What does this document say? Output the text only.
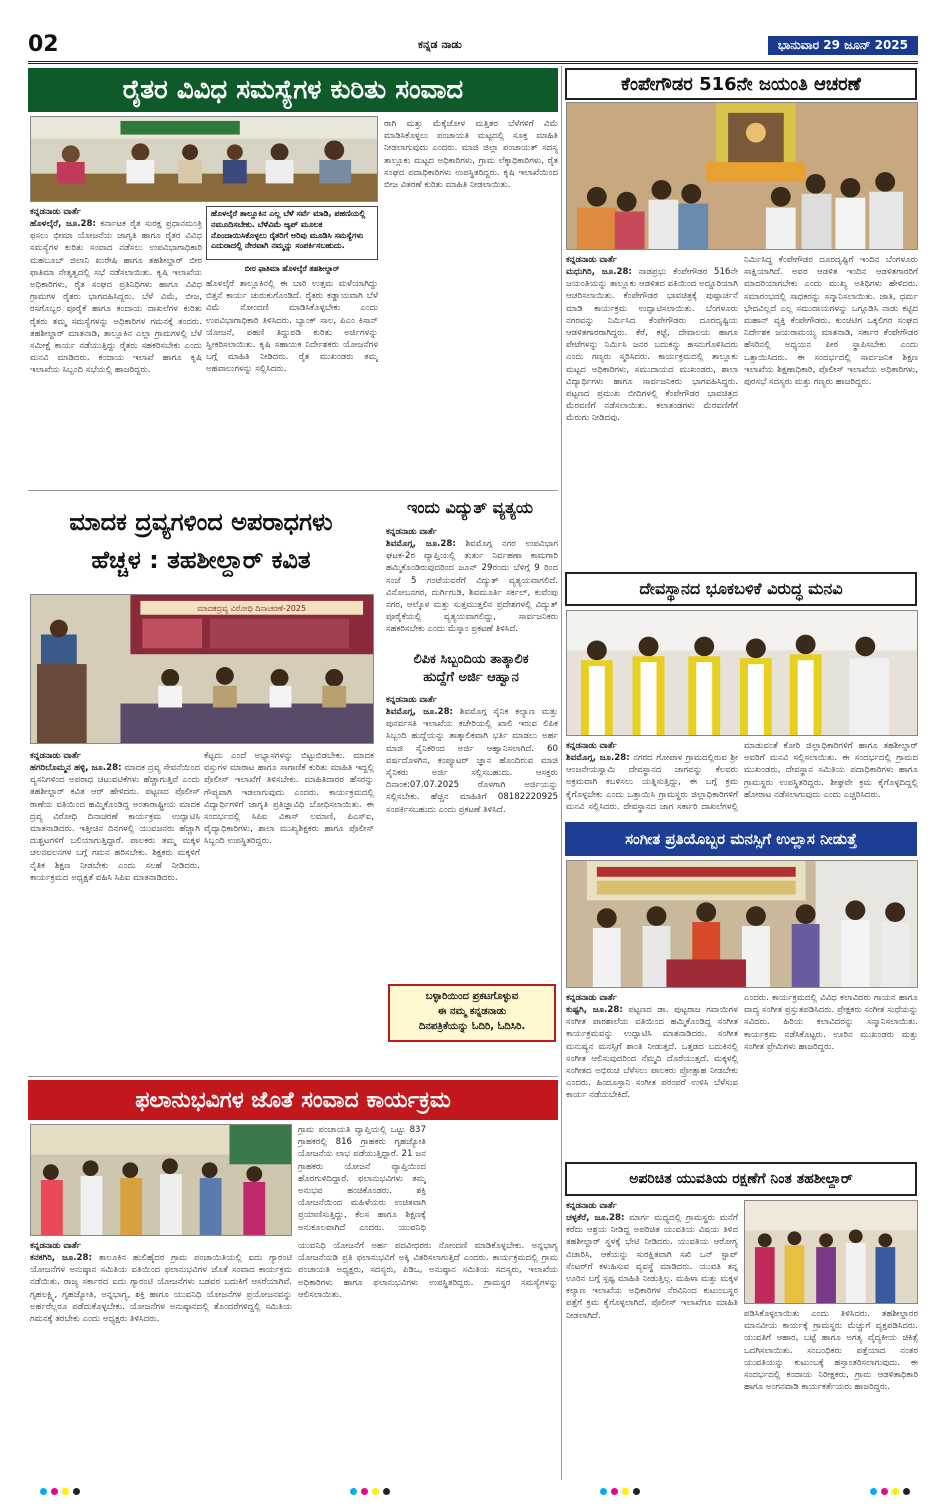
02	ಕನ್ನಡ ನಾಡು	ಭಾನುವಾರ 29 ಜೂನ್ 2025
ರೈತರ ವಿವಿಧ ಸಮಸ್ಯೆಗಳ ಕುರಿತು ಸಂವಾದ
ಕನ್ನಡನಾಡು ವಾರ್ತೆ
ಹೊಳಲ್ಕೆರೆ, ಜೂ.28: ಕರ್ನಾಟಕ ರೈತ ಸುರಕ್ಷ ಪ್ರಧಾನಮಂತ್ರಿ ಫಸಲು ಭೀಮಾ ಯೋಜನೆಯ ಜಾಗೃತಿ ಹಾಗೂ ರೈತರ ವಿವಿಧ ಸಮಸ್ಯೆಗಳ ಕುರಿತು ಸಂವಾದ ನಡೆಸಲು ಉಪವಿಭಾಗಾಧಿಕಾರಿ ಮಹಬೂಬ್ ಜಿಲಾನಿ ಖುರೇಷಿ ಹಾಗೂ ತಹಶೀಲ್ದಾರ್ ಬೀರ ಫಾತಿಮಾ ನೇತೃತ್ವದಲ್ಲಿ ಸಭೆ ನಡೆಸಲಾಯಿತು. ಕೃಷಿ ಇಲಾಖೆಯ ಅಧಿಕಾರಿಗಳು, ರೈತ ಸಂಘದ ಪ್ರತಿನಿಧಿಗಳು ಹಾಗೂ ವಿವಿಧ ಗ್ರಾಮಗಳ ರೈತರು ಭಾಗವಹಿಸಿದ್ದರು. ಬೆಳೆ ವಿಮೆ, ಬೀಜ, ರಸಗೊಬ್ಬರ ಪೂರೈಕೆ ಹಾಗೂ ಕಂದಾಯ ದಾಖಲೆಗಳ ಕುರಿತು ರೈತರು ತಮ್ಮ ಸಮಸ್ಯೆಗಳನ್ನು ಅಧಿಕಾರಿಗಳ ಗಮನಕ್ಕೆ ತಂದರು. ತಹಶೀಲ್ದಾರ್ ಮಾತನಾಡಿ, ತಾಲ್ಲೂಕಿನ ಎಲ್ಲಾ ಗ್ರಾಮಗಳಲ್ಲಿ ಬೆಳೆ ಸಮೀಕ್ಷೆ ಕಾರ್ಯ ನಡೆಯುತ್ತಿದ್ದು ರೈತರು ಸಹಕರಿಸಬೇಕು ಎಂದು ಮನವಿ ಮಾಡಿದರು. ಕಂದಾಯ ಇಲಾಖೆ ಹಾಗೂ ಕೃಷಿ ಇಲಾಖೆಯ ಸಿಬ್ಬಂದಿ ಸಭೆಯಲ್ಲಿ ಹಾಜರಿದ್ದರು.
ಹೊಳಲ್ಕೆರೆ ತಾಲ್ಲೂಕಿನ ಎಲ್ಲ ಬೆಳೆ ಸರ್ವೆ ಮಾಡಿ, ಪಹಣಿಯಲ್ಲಿ ನಮೂದಿಸಬೇಕು. ಬೆಳೆವಿಮೆ ಆ್ಯಪ್ ಮೂಲಕ ನೊಂದಾಯಿಸಿಕೊಳ್ಳಲು ರೈತರಿಗೆ ಅರಿವು ಮೂಡಿಸಿ ಸಮಸ್ಯೆಗಳು ಎದುರಾದಲ್ಲಿ ನೇರವಾಗಿ ನಮ್ಮನ್ನು ಸಂಪರ್ಕಿಸಬಹುದು.
ಬೀರ ಫಾತಿಮಾ ಹೊಳಲ್ಕೆರೆ ತಹಶೀಲ್ದಾರ್
ಹೊಳಲ್ಕೆರೆ ತಾಲ್ಲೂಕಿನಲ್ಲಿ ಈ ಬಾರಿ ಉತ್ತಮ ಮಳೆಯಾಗಿದ್ದು ಬಿತ್ತನೆ ಕಾರ್ಯ ಚುರುಕುಗೊಂಡಿದೆ. ರೈತರು ಕಡ್ಡಾಯವಾಗಿ ಬೆಳೆ ವಿಮೆ ನೋಂದಣಿ ಮಾಡಿಸಿಕೊಳ್ಳಬೇಕು ಎಂದು ಉಪವಿಭಾಗಾಧಿಕಾರಿ ತಿಳಿಸಿದರು. ಬ್ಯಾಂಕ್ ಸಾಲ, ಪಿಎಂ ಕಿಸಾನ್ ಯೋಜನೆ, ಪಹಣಿ ತಿದ್ದುಪಡಿ ಕುರಿತು ಅರ್ಜಿಗಳನ್ನು ಸ್ವೀಕರಿಸಲಾಯಿತು. ಕೃಷಿ ಸಹಾಯಕ ನಿರ್ದೇಶಕರು ಯೋಜನೆಗಳ ಬಗ್ಗೆ ಮಾಹಿತಿ ನೀಡಿದರು. ರೈತ ಮುಖಂಡರು ತಮ್ಮ ಅಹವಾಲುಗಳನ್ನು ಸಲ್ಲಿಸಿದರು.
ರಾಗಿ ಮತ್ತು ಮೆಕ್ಕೆಜೋಳ ಮತ್ತಿತರ ಬೆಳೆಗಳಿಗೆ ವಿಮೆ ಮಾಡಿಸಿಕೊಳ್ಳಲು ಪಂಚಾಯತಿ ಮಟ್ಟದಲ್ಲಿ ಸೂಕ್ತ ಮಾಹಿತಿ ನೀಡಲಾಗುವುದು ಎಂದರು. ಮಾಜಿ ಜಿಲ್ಲಾ ಪಂಚಾಯತ್ ಸದಸ್ಯ ತಾಲ್ಲೂಕು ಮಟ್ಟದ ಅಧಿಕಾರಿಗಳು, ಗ್ರಾಮ ಲೆಕ್ಕಾಧಿಕಾರಿಗಳು, ರೈತ ಸಂಘದ ಪದಾಧಿಕಾರಿಗಳು ಉಪಸ್ಥಿತರಿದ್ದರು. ಕೃಷಿ ಇಲಾಖೆಯಿಂದ ಬೀಜ ವಿತರಣೆ ಕುರಿತು ಮಾಹಿತಿ ನೀಡಲಾಯಿತು.
ಕೆಂಪೇಗೌಡರ 516ನೇ ಜಯಂತಿ ಆಚರಣೆ
ಕನ್ನಡನಾಡು ವಾರ್ತೆ
ಮಧುಗಿರಿ, ಜೂ.28: ನಾಡಪ್ರಭು ಕೆಂಪೇಗೌಡರ 516ನೇ ಜಯಂತಿಯನ್ನು ತಾಲ್ಲೂಕು ಆಡಳಿತದ ವತಿಯಿಂದ ಅದ್ದೂರಿಯಾಗಿ ಆಚರಿಸಲಾಯಿತು. ಕೆಂಪೇಗೌಡರ ಭಾವಚಿತ್ರಕ್ಕೆ ಪುಷ್ಪಾರ್ಚನೆ ಮಾಡಿ ಕಾರ್ಯಕ್ರಮ ಉದ್ಘಾಟಿಸಲಾಯಿತು. ಬೆಂಗಳೂರು ನಗರವನ್ನು ನಿರ್ಮಿಸಿದ ಕೆಂಪೇಗೌಡರು ದೂರದೃಷ್ಟಿಯ ಆಡಳಿತಗಾರರಾಗಿದ್ದರು. ಕೆರೆ, ಕಟ್ಟೆ, ದೇವಾಲಯ ಹಾಗೂ ಪೇಟೆಗಳನ್ನು ನಿರ್ಮಿಸಿ ಜನರ ಬದುಕನ್ನು ಹಸನುಗೊಳಿಸಿದರು ಎಂದು ಗಣ್ಯರು ಸ್ಮರಿಸಿದರು. ಕಾರ್ಯಕ್ರಮದಲ್ಲಿ ತಾಲ್ಲೂಕು ಮಟ್ಟದ ಅಧಿಕಾರಿಗಳು, ಸಮುದಾಯದ ಮುಖಂಡರು, ಶಾಲಾ ವಿದ್ಯಾರ್ಥಿಗಳು ಹಾಗೂ ಸಾರ್ವಜನಿಕರು ಭಾಗವಹಿಸಿದ್ದರು. ಪಟ್ಟಣದ ಪ್ರಮುಖ ಬೀದಿಗಳಲ್ಲಿ ಕೆಂಪೇಗೌಡರ ಭಾವಚಿತ್ರದ ಮೆರವಣಿಗೆ ನಡೆಸಲಾಯಿತು. ಕಲಾತಂಡಗಳು ಮೆರವಣಿಗೆಗೆ ಮೆರುಗು ನೀಡಿದವು.
ನಿರ್ಮಿಸಿದ್ದ ಕೆಂಪೇಗೌಡರ ದೂರದೃಷ್ಟಿಗೆ ಇಂದಿನ ಬೆಂಗಳೂರು ಸಾಕ್ಷಿಯಾಗಿದೆ. ಅವರ ಆಡಳಿತ ಇಂದಿನ ಆಡಳಿತಗಾರರಿಗೆ ಮಾದರಿಯಾಗಬೇಕು ಎಂದು ಮುಖ್ಯ ಅತಿಥಿಗಳು ಹೇಳಿದರು. ಸಮಾರಂಭದಲ್ಲಿ ಸಾಧಕರನ್ನು ಸನ್ಮಾನಿಸಲಾಯಿತು. ಜಾತಿ, ಧರ್ಮ ಭೇದವಿಲ್ಲದೆ ಎಲ್ಲ ಸಮುದಾಯಗಳನ್ನು ಒಗ್ಗೂಡಿಸಿ ನಾಡು ಕಟ್ಟಿದ ಮಹಾನ್ ವ್ಯಕ್ತಿ ಕೆಂಪೇಗೌಡರು. ಕುಂಚಿಟಿಗ ಒಕ್ಕಲಿಗರ ಸಂಘದ ನಿರ್ದೇಶಕ ಜಯರಾಮಯ್ಯ ಮಾತನಾಡಿ, ಸರ್ಕಾರ ಕೆಂಪೇಗೌಡರ ಹೆಸರಿನಲ್ಲಿ ಅಧ್ಯಯನ ಪೀಠ ಸ್ಥಾಪಿಸಬೇಕು ಎಂದು ಒತ್ತಾಯಿಸಿದರು. ಈ ಸಂದರ್ಭದಲ್ಲಿ ಸಾರ್ವಜನಿಕ ಶಿಕ್ಷಣ ಇಲಾಖೆಯ ಶಿಕ್ಷಣಾಧಿಕಾರಿ, ಪೊಲೀಸ್ ಇಲಾಖೆಯ ಅಧಿಕಾರಿಗಳು, ಪುರಸಭೆ ಸದಸ್ಯರು ಮತ್ತು ಗಣ್ಯರು ಹಾಜರಿದ್ದರು.
ಮಾದಕ ದ್ರವ್ಯಗಳಿಂದ ಅಪರಾಧಗಳು
ಹೆಚ್ಚಳ : ತಹಶೀಲ್ದಾರ್ ಕವಿತ
ಮಾದಕದ್ರವ್ಯ ವಿರೋಧಿ ದಿನಾಚರಣೆ-2025
ಕನ್ನಡನಾಡು ವಾರ್ತೆ
ಹಗರಿಬೊಮ್ಮನ ಹಳ್ಳಿ, ಜೂ.28: ಮಾದಕ ದ್ರವ್ಯ ಸೇವನೆಯಿಂದ ವ್ಯಸನಿಗಳಿಂದ ಅಪರಾಧ ಚಟುವಟಿಕೆಗಳು ಹೆಚ್ಚಾಗುತ್ತಿವೆ ಎಂದು ತಹಶೀಲ್ದಾರ್ ಕವಿತ ಆರ್ ಹೇಳಿದರು. ಪಟ್ಟಣದ ಪೊಲೀಸ್ ಠಾಣೆಯ ವತಿಯಿಂದ ಹಮ್ಮಿಕೊಂಡಿದ್ದ ಅಂತಾರಾಷ್ಟ್ರೀಯ ಮಾದಕ ದ್ರವ್ಯ ವಿರೋಧಿ ದಿನಾಚರಣೆ ಕಾರ್ಯಕ್ರಮ ಉದ್ಘಾಟಿಸಿ ಮಾತನಾಡಿದರು. ಇತ್ತೀಚಿನ ದಿನಗಳಲ್ಲಿ ಯುವಜನರು ಹೆಚ್ಚಾಗಿ ದುಶ್ಚಟಗಳಿಗೆ ಬಲಿಯಾಗುತ್ತಿದ್ದಾರೆ. ಪಾಲಕರು ತಮ್ಮ ಮಕ್ಕಳ ಚಲನವಲನಗಳ ಬಗ್ಗೆ ಗಮನ ಹರಿಸಬೇಕು. ಶಿಕ್ಷಕರು ಮಕ್ಕಳಿಗೆ ನೈತಿಕ ಶಿಕ್ಷಣ ನೀಡಬೇಕು ಎಂದು ಸಲಹೆ ನೀಡಿದರು. ಕಾರ್ಯಕ್ರಮದ ಅಧ್ಯಕ್ಷತೆ ವಹಿಸಿ ಸಿಪಿಐ ಮಾತನಾಡಿದರು.
ಕೆಟ್ಟದು ಎಂದೆ ಅಭ್ಯಾಸಗಳನ್ನು ಬಿಟ್ಟುಬಿಡಬೇಕು. ಮಾದಕ ವಸ್ತುಗಳ ಮಾರಾಟ ಹಾಗೂ ಸಾಗಾಣಿಕೆ ಕುರಿತು ಮಾಹಿತಿ ಇದ್ದಲ್ಲಿ ಪೊಲೀಸ್ ಇಲಾಖೆಗೆ ತಿಳಿಸಬೇಕು. ಮಾಹಿತಿದಾರರ ಹೆಸರನ್ನು ಗೌಪ್ಯವಾಗಿ ಇಡಲಾಗುವುದು ಎಂದರು. ಕಾರ್ಯಕ್ರಮದಲ್ಲಿ ವಿದ್ಯಾರ್ಥಿಗಳಿಗೆ ಜಾಗೃತಿ ಪ್ರತಿಜ್ಞಾವಿಧಿ ಬೋಧಿಸಲಾಯಿತು. ಈ ಸಂದರ್ಭದಲ್ಲಿ ಸಿಪಿಐ ವಿಕಾಸ್ ಲಮಾಣಿ, ಪಿಎಸ್ಐ, ವೈದ್ಯಾಧಿಕಾರಿಗಳು, ಶಾಲಾ ಮುಖ್ಯಶಿಕ್ಷಕರು ಹಾಗೂ ಪೊಲೀಸ್ ಸಿಬ್ಬಂದಿ ಉಪಸ್ಥಿತರಿದ್ದರು.
ಇಂದು ವಿದ್ಯುತ್ ವ್ಯತ್ಯಯ
ಕನ್ನಡನಾಡು ವಾರ್ತೆ
ಶಿವಮೊಗ್ಗ, ಜೂ.28: ಶಿವಮೊಗ್ಗ ನಗರ ಉಪವಿಭಾಗ ಘಟಕ-2ರ ವ್ಯಾಪ್ತಿಯಲ್ಲಿ ತುರ್ತು ನಿರ್ವಹಣಾ ಕಾಮಗಾರಿ ಹಮ್ಮಿಕೊಂಡಿರುವುದರಿಂದ ಜೂನ್ 29ರಂದು ಬೆಳಿಗ್ಗೆ 9 ರಿಂದ ಸಂಜೆ 5 ಗಂಟೆಯವರೆಗೆ ವಿದ್ಯುತ್ ವ್ಯತ್ಯಯವಾಗಲಿದೆ. ವಿನೋಬನಗರ, ದುರ್ಗಿಗುಡಿ, ಶಿವಮೂರ್ತಿ ಸರ್ಕಲ್, ಕುವೆಂಪು ನಗರ, ಆಲ್ಕೊಳ ಮತ್ತು ಸುತ್ತಮುತ್ತಲಿನ ಪ್ರದೇಶಗಳಲ್ಲಿ ವಿದ್ಯುತ್ ಪೂರೈಕೆಯಲ್ಲಿ ವ್ಯತ್ಯಯವಾಗಲಿದ್ದು, ಸಾರ್ವಜನಿಕರು ಸಹಕರಿಸಬೇಕು ಎಂದು ಮೆಸ್ಕಾಂ ಪ್ರಕಟಣೆ ತಿಳಿಸಿದೆ.
ಲಿಪಿಕ ಸಿಬ್ಬಂದಿಯ ತಾತ್ಕಾಲಿಕ
ಹುದ್ದೆಗೆ ಅರ್ಜಿ ಆಹ್ವಾನ
ಕನ್ನಡನಾಡು ವಾರ್ತೆ
ಶಿವಮೊಗ್ಗ, ಜೂ.28: ಶಿವಮೊಗ್ಗ ಸೈನಿಕ ಕಲ್ಯಾಣ ಮತ್ತು ಪುನರ್ವಸತಿ ಇಲಾಖೆಯ ಕಚೇರಿಯಲ್ಲಿ ಖಾಲಿ ಇರುವ ಲಿಪಿಕ ಸಿಬ್ಬಂದಿ ಹುದ್ದೆಯನ್ನು ತಾತ್ಕಾಲಿಕವಾಗಿ ಭರ್ತಿ ಮಾಡಲು ಅರ್ಹ ಮಾಜಿ ಸೈನಿಕರಿಂದ ಅರ್ಜಿ ಆಹ್ವಾನಿಸಲಾಗಿದೆ. 60 ವರ್ಷದೊಳಗಿನ, ಕಂಪ್ಯೂಟರ್ ಜ್ಞಾನ ಹೊಂದಿರುವ ಮಾಜಿ ಸೈನಿಕರು ಅರ್ಜಿ ಸಲ್ಲಿಸಬಹುದು. ಆಸಕ್ತರು ದಿನಾಂಕ:07.07.2025 ರೊಳಗಾಗಿ ಅರ್ಜಿಯನ್ನು ಸಲ್ಲಿಸಬೇಕು. ಹೆಚ್ಚಿನ ಮಾಹಿತಿಗೆ 08182220925 ಸಂಪರ್ಕಿಸಬಹುದು ಎಂದು ಪ್ರಕಟಣೆ ತಿಳಿಸಿದೆ.
ಬಳ್ಳಾರಿಯಿಂದ ಪ್ರಕಟಗೊಳ್ಳುವ
ಈ ನಮ್ಮ ಕನ್ನಡನಾಡು
ದಿನಪತ್ರಿಕೆಯನ್ನು ಓದಿರಿ, ಓದಿಸಿರಿ.
ದೇವಸ್ಥಾನದ ಭೂಕಬಳಿಕೆ ವಿರುದ್ಧ ಮನವಿ
ಕನ್ನಡನಾಡು ವಾರ್ತೆ
ಶಿವಮೊಗ್ಗ, ಜೂ.28: ನಗರದ ಗೋಪಾಳ ಗ್ರಾಮದಲ್ಲಿರುವ ಶ್ರೀ ಆಂಜನೇಯಸ್ವಾಮಿ ದೇವಸ್ಥಾನದ ಜಾಗವನ್ನು ಕೆಲವರು ಅಕ್ರಮವಾಗಿ ಕಬಳಿಸಲು ಯತ್ನಿಸುತ್ತಿದ್ದು, ಈ ಬಗ್ಗೆ ಕ್ರಮ ಕೈಗೊಳ್ಳಬೇಕು ಎಂದು ಒತ್ತಾಯಿಸಿ ಗ್ರಾಮಸ್ಥರು ಜಿಲ್ಲಾಧಿಕಾರಿಗಳಿಗೆ ಮನವಿ ಸಲ್ಲಿಸಿದರು. ದೇವಸ್ಥಾನದ ಜಾಗ ಸರ್ಕಾರಿ ದಾಖಲೆಗಳಲ್ಲಿ
ಮಾಡುವಂತೆ ಕೋರಿ ಜಿಲ್ಲಾಧಿಕಾರಿಗಳಿಗೆ ಹಾಗೂ ತಹಶೀಲ್ದಾರ್ ಅವರಿಗೆ ಮನವಿ ಸಲ್ಲಿಸಲಾಯಿತು. ಈ ಸಂದರ್ಭದಲ್ಲಿ ಗ್ರಾಮದ ಮುಖಂಡರು, ದೇವಸ್ಥಾನ ಸಮಿತಿಯ ಪದಾಧಿಕಾರಿಗಳು ಹಾಗೂ ಗ್ರಾಮಸ್ಥರು ಉಪಸ್ಥಿತರಿದ್ದರು. ಶೀಘ್ರವೇ ಕ್ರಮ ಕೈಗೊಳ್ಳದಿದ್ದಲ್ಲಿ ಹೋರಾಟ ನಡೆಸಲಾಗುವುದು ಎಂದು ಎಚ್ಚರಿಸಿದರು.
ಸಂಗೀತ ಪ್ರತಿಯೊಬ್ಬರ ಮನಸ್ಸಿಗೆ ಉಲ್ಲಾಸ ನೀಡುತ್ತೆ
ಕನ್ನಡನಾಡು ವಾರ್ತೆ
ಕುಷ್ಟಗಿ, ಜೂ.28: ಪಟ್ಟಣದ ಡಾ. ಪುಟ್ಟರಾಜ ಗವಾಯಿಗಳ ಸಂಗೀತ ಪಾಠಶಾಲೆಯ ವತಿಯಿಂದ ಹಮ್ಮಿಕೊಂಡಿದ್ದ ಸಂಗೀತ ಕಾರ್ಯಕ್ರಮವನ್ನು ಉದ್ಘಾಟಿಸಿ ಮಾತನಾಡಿದರು. ಸಂಗೀತ ಮನುಷ್ಯನ ಮನಸ್ಸಿಗೆ ಶಾಂತಿ ನೀಡುತ್ತದೆ. ಒತ್ತಡದ ಬದುಕಿನಲ್ಲಿ ಸಂಗೀತ ಆಲಿಸುವುದರಿಂದ ನೆಮ್ಮದಿ ದೊರೆಯುತ್ತದೆ. ಮಕ್ಕಳಲ್ಲಿ ಸಂಗೀತದ ಅಭಿರುಚಿ ಬೆಳೆಸಲು ಪಾಲಕರು ಪ್ರೋತ್ಸಾಹ ನೀಡಬೇಕು ಎಂದರು. ಹಿಂದೂಸ್ತಾನಿ ಸಂಗೀತ ಪರಂಪರೆ ಉಳಿಸಿ ಬೆಳೆಸುವ ಕಾರ್ಯ ನಡೆಯಬೇಕಿದೆ.
ಎಂದರು. ಕಾರ್ಯಕ್ರಮದಲ್ಲಿ ವಿವಿಧ ಕಲಾವಿದರು ಗಾಯನ ಹಾಗೂ ವಾದ್ಯ ಸಂಗೀತ ಪ್ರಸ್ತುತಪಡಿಸಿದರು. ಪ್ರೇಕ್ಷಕರು ಸಂಗೀತ ಸುಧೆಯನ್ನು ಸವಿದರು. ಹಿರಿಯ ಕಲಾವಿದರನ್ನು ಸನ್ಮಾನಿಸಲಾಯಿತು. ಕಾರ್ಯಕ್ರಮ ನಡೆಸಿಕೊಟ್ಟರು. ಊರಿನ ಮುಖಂಡರು ಮತ್ತು ಸಂಗೀತ ಪ್ರೇಮಿಗಳು ಹಾಜರಿದ್ದರು.
ಫಲಾನುಭವಿಗಳ ಜೊತೆ ಸಂವಾದ ಕಾರ್ಯಕ್ರಮ
ಗ್ರಾಮ ಪಂಚಾಯತಿ ವ್ಯಾಪ್ತಿಯಲ್ಲಿ ಒಟ್ಟು 837 ಗ್ರಾಹಕರಲ್ಲಿ 816 ಗ್ರಾಹಕರು ಗೃಹಜ್ಯೋತಿ ಯೋಜನೆಯ ಲಾಭ ಪಡೆಯುತ್ತಿದ್ದಾರೆ. 21 ಜನ ಗ್ರಾಹಕರು ಯೋಜನೆ ವ್ಯಾಪ್ತಿಯಿಂದ ಹೊರಗುಳಿದಿದ್ದಾರೆ. ಫಲಾನುಭವಿಗಳು ತಮ್ಮ ಅನುಭವ ಹಂಚಿಕೊಂಡರು. ಶಕ್ತಿ ಯೋಜನೆಯಿಂದ ಮಹಿಳೆಯರು ಉಚಿತವಾಗಿ ಪ್ರಯಾಣಿಸುತ್ತಿದ್ದು, ಕೆಲಸ ಹಾಗೂ ಶಿಕ್ಷಣಕ್ಕೆ ಅನುಕೂಲವಾಗಿದೆ ಎಂದರು. ಯುವನಿಧಿ
ಕನ್ನಡನಾಡು ವಾರ್ತೆ
ಕನಕಗಿರಿ, ಜೂ.28: ತಾಲೂಕಿನ ಹುಲಿಹೈದರ ಗ್ರಾಮ ಪಂಚಾಯಿತಿಯಲ್ಲಿ ಐದು ಗ್ಯಾರಂಟಿ ಯೋಜನೆಗಳ ಅನುಷ್ಠಾನ ಸಮಿತಿಯ ವತಿಯಿಂದ ಫಲಾನುಭವಿಗಳ ಜೊತೆ ಸಂವಾದ ಕಾರ್ಯಕ್ರಮ ನಡೆಯಿತು. ರಾಜ್ಯ ಸರ್ಕಾರದ ಐದು ಗ್ಯಾರಂಟಿ ಯೋಜನೆಗಳು ಬಡವರ ಬದುಕಿಗೆ ಆಸರೆಯಾಗಿವೆ. ಗೃಹಲಕ್ಷ್ಮಿ, ಗೃಹಜ್ಯೋತಿ, ಅನ್ನಭಾಗ್ಯ, ಶಕ್ತಿ ಹಾಗೂ ಯುವನಿಧಿ ಯೋಜನೆಗಳ ಪ್ರಯೋಜನವನ್ನು ಅರ್ಹರೆಲ್ಲರೂ ಪಡೆದುಕೊಳ್ಳಬೇಕು. ಯೋಜನೆಗಳ ಅನುಷ್ಠಾನದಲ್ಲಿ ತೊಂದರೆಗಳಿದ್ದಲ್ಲಿ ಸಮಿತಿಯ ಗಮನಕ್ಕೆ ತರಬೇಕು ಎಂದು ಅಧ್ಯಕ್ಷರು ತಿಳಿಸಿದರು.
ಯುವನಿಧಿ ಯೋಜನೆಗೆ ಅರ್ಹ ಪದವೀಧರರು ನೋಂದಣಿ ಮಾಡಿಕೊಳ್ಳಬೇಕು. ಅನ್ನಭಾಗ್ಯ ಯೋಜನೆಯಡಿ ಪ್ರತಿ ಫಲಾನುಭವಿಗೆ ಅಕ್ಕಿ ವಿತರಿಸಲಾಗುತ್ತಿದೆ ಎಂದರು. ಕಾರ್ಯಕ್ರಮದಲ್ಲಿ ಗ್ರಾಮ ಪಂಚಾಯತಿ ಅಧ್ಯಕ್ಷರು, ಸದಸ್ಯರು, ಪಿಡಿಒ, ಅನುಷ್ಠಾನ ಸಮಿತಿಯ ಸದಸ್ಯರು, ಇಲಾಖೆಯ ಅಧಿಕಾರಿಗಳು ಹಾಗೂ ಫಲಾನುಭವಿಗಳು ಉಪಸ್ಥಿತರಿದ್ದರು. ಗ್ರಾಮಸ್ಥರ ಸಮಸ್ಯೆಗಳನ್ನು ಆಲಿಸಲಾಯಿತು.
ಅಪರಿಚಿತ ಯುವತಿಯ ರಕ್ಷಣೆಗೆ ನಿಂತ ತಹಶೀಲ್ದಾರ್
ಕನ್ನಡನಾಡು ವಾರ್ತೆ
ಚಳ್ಳಕೆರೆ, ಜೂ.28: ಮಾರ್ಗ ಮಧ್ಯದಲ್ಲಿ ಗ್ರಾಮಸ್ಥರು ಮನೆಗೆ ಕರೆದು ಆಶ್ರಯ ನೀಡಿದ್ದ ಅಪರಿಚಿತ ಯುವತಿಯ ವಿಷಯ ತಿಳಿದ ತಹಶೀಲ್ದಾರ್ ಸ್ಥಳಕ್ಕೆ ಭೇಟಿ ನೀಡಿದರು. ಯುವತಿಯ ಆರೋಗ್ಯ ವಿಚಾರಿಸಿ, ಆಕೆಯನ್ನು ಸುರಕ್ಷಿತವಾಗಿ ಸಖಿ ಒನ್ ಸ್ಟಾಪ್ ಸೆಂಟರ್‌ಗೆ ಕಳುಹಿಸುವ ವ್ಯವಸ್ಥೆ ಮಾಡಿದರು. ಯುವತಿ ತನ್ನ ಊರಿನ ಬಗ್ಗೆ ಸ್ಪಷ್ಟ ಮಾಹಿತಿ ನೀಡುತ್ತಿಲ್ಲ. ಮಹಿಳಾ ಮತ್ತು ಮಕ್ಕಳ ಕಲ್ಯಾಣ ಇಲಾಖೆಯ ಅಧಿಕಾರಿಗಳ ನೆರವಿನಿಂದ ಕುಟುಂಬಸ್ಥರ ಪತ್ತೆಗೆ ಕ್ರಮ ಕೈಗೊಳ್ಳಲಾಗಿದೆ. ಪೊಲೀಸ್ ಇಲಾಖೆಗೂ ಮಾಹಿತಿ ನೀಡಲಾಗಿದೆ.	ಪಡಿಸಿಕೊಳ್ಳಲಾಯಿತು ಎಂದು ತಿಳಿಸಿದರು. ತಹಶೀಲ್ದಾರರ ಮಾನವೀಯ ಕಾರ್ಯಕ್ಕೆ ಗ್ರಾಮಸ್ಥರು ಮೆಚ್ಚುಗೆ ವ್ಯಕ್ತಪಡಿಸಿದರು. ಯುವತಿಗೆ ಆಹಾರ, ಬಟ್ಟೆ ಹಾಗೂ ಅಗತ್ಯ ವೈದ್ಯಕೀಯ ಚಿಕಿತ್ಸೆ ಒದಗಿಸಲಾಯಿತು. ಸಂಬಂಧಿಕರು ಪತ್ತೆಯಾದ ನಂತರ ಯುವತಿಯನ್ನು ಕುಟುಂಬಕ್ಕೆ ಹಸ್ತಾಂತರಿಸಲಾಗುವುದು. ಈ ಸಂದರ್ಭದಲ್ಲಿ ಕಂದಾಯ ನಿರೀಕ್ಷಕರು, ಗ್ರಾಮ ಆಡಳಿತಾಧಿಕಾರಿ ಹಾಗೂ ಅಂಗನವಾಡಿ ಕಾರ್ಯಕರ್ತೆಯರು ಹಾಜರಿದ್ದರು.
